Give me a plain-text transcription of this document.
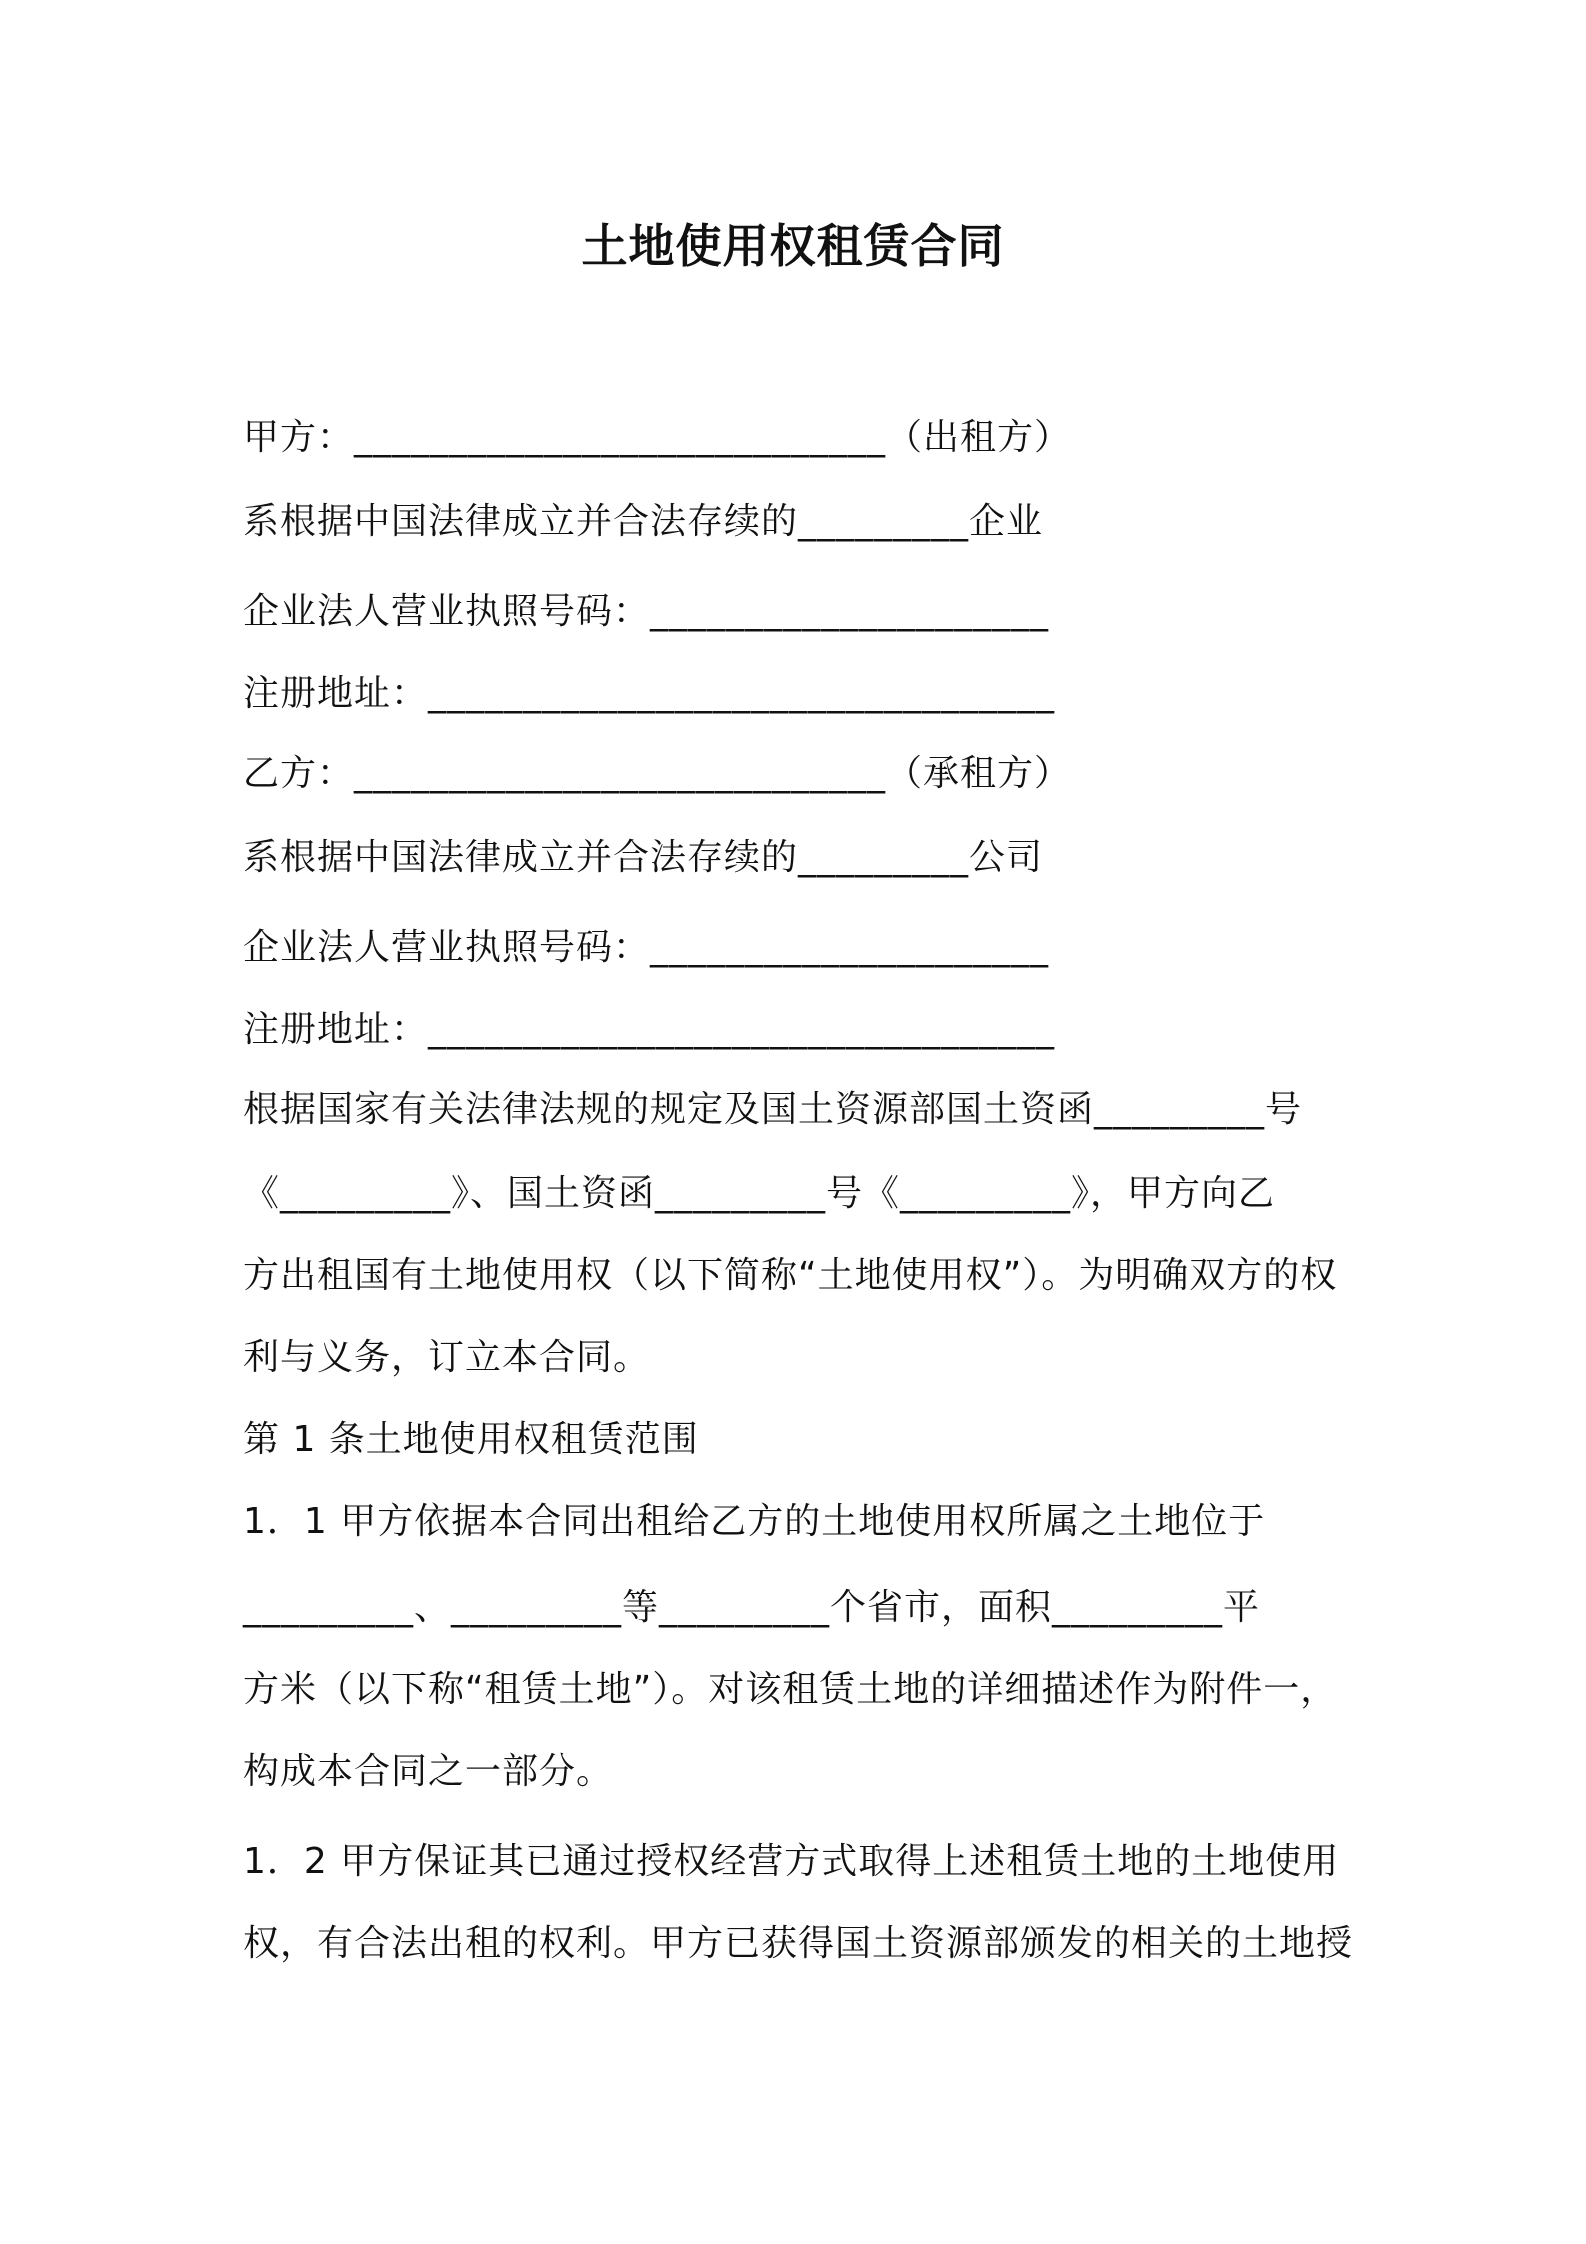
土地使用权租赁合同
甲方：____________________________（出租方）
系根据中国法律成立并合法存续的_________企业
企业法人营业执照号码：_____________________
注册地址：_________________________________
乙方：____________________________（承租方）
系根据中国法律成立并合法存续的_________公司
企业法人营业执照号码：_____________________
注册地址：_________________________________
根据国家有关法律法规的规定及国土资源部国土资函_________号
《_________》、国土资函_________号《_________》，甲方向乙
方出租国有土地使用权（以下简称“土地使用权”）。为明确双方的权
利与义务，订立本合同。
第 1 条土地使用权租赁范围
1．1 甲方依据本合同出租给乙方的土地使用权所属之土地位于
_________、_________等_________个省市，面积_________平
方米（以下称“租赁土地”）。对该租赁土地的详细描述作为附件一，
构成本合同之一部分。
1．2 甲方保证其已通过授权经营方式取得上述租赁土地的土地使用
权，有合法出租的权利。甲方已获得国土资源部颁发的相关的土地授
